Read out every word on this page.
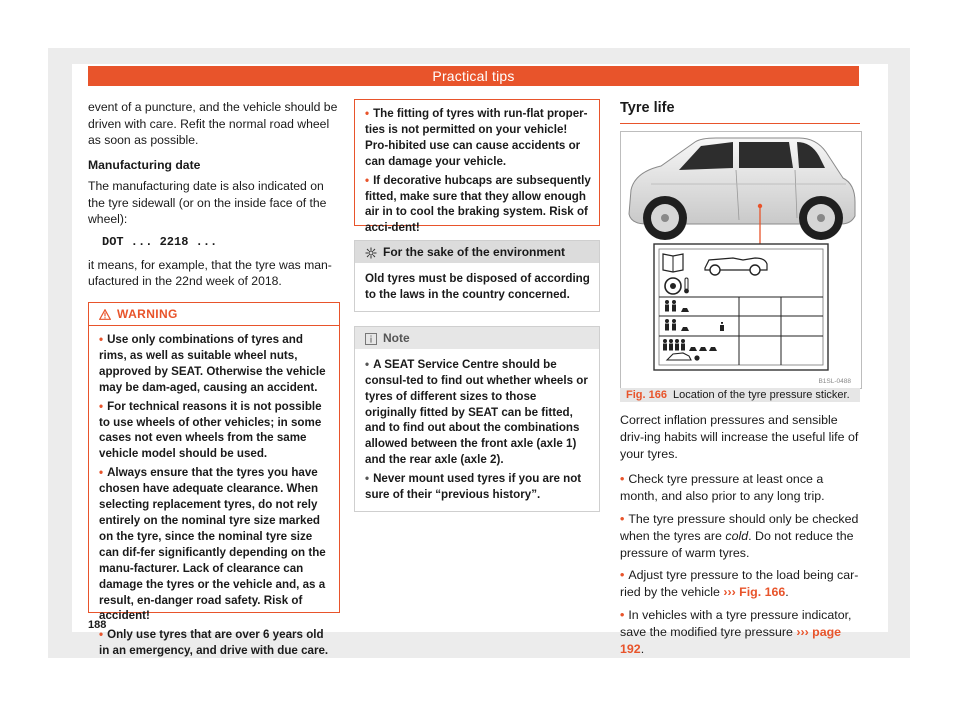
Practical tips

event of a puncture, and the vehicle should be driven with care. Refit the normal road wheel as soon as possible.

Manufacturing date

The manufacturing date is also indicated on the tyre sidewall (or on the inside face of the wheel):

DOT ... 2218 ...

it means, for example, that the tyre was man-ufactured in the 22nd week of 2018.

WARNING

• Use only combinations of tyres and rims, as well as suitable wheel nuts, approved by SEAT. Otherwise the vehicle may be dam-aged, causing an accident.

• For technical reasons it is not possible to use wheels of other vehicles; in some cases not even wheels from the same vehicle model should be used.

• Always ensure that the tyres you have chosen have adequate clearance. When selecting replacement tyres, do not rely entirely on the nominal tyre size marked on the tyre, since the nominal tyre size can dif-fer significantly depending on the manu-facturer. Lack of clearance can damage the tyres or the vehicle and, as a result, en-danger road safety. Risk of accident!

• Only use tyres that are over 6 years old in an emergency, and drive with due care.

• The fitting of tyres with run-flat proper-ties is not permitted on your vehicle! Pro-hibited use can cause accidents or can damage your vehicle.

• If decorative hubcaps are subsequently fitted, make sure that they allow enough air in to cool the braking system. Risk of acci-dent!

For the sake of the environment
Old tyres must be disposed of according to the laws in the country concerned.
Note

• A SEAT Service Centre should be consul-ted to find out whether wheels or tyres of different sizes to those originally fitted by SEAT can be fitted, and to find out about the combinations allowed between the front axle (axle 1) and the rear axle (axle 2).

• Never mount used tyres if you are not sure of their “previous history”.

Tyre life
B1SL-0488
Fig. 166 Location of the tyre pressure sticker.

Correct inflation pressures and sensible driv-ing habits will increase the useful life of your tyres.

• Check tyre pressure at least once a month, and also prior to any long trip.

• The tyre pressure should only be checked when the tyres are cold. Do not reduce the pressure of warm tyres.

• Adjust tyre pressure to the load being car-ried by the vehicle ››› Fig. 166.

• In vehicles with a tyre pressure indicator, save the modified tyre pressure ››› page 192.

188
